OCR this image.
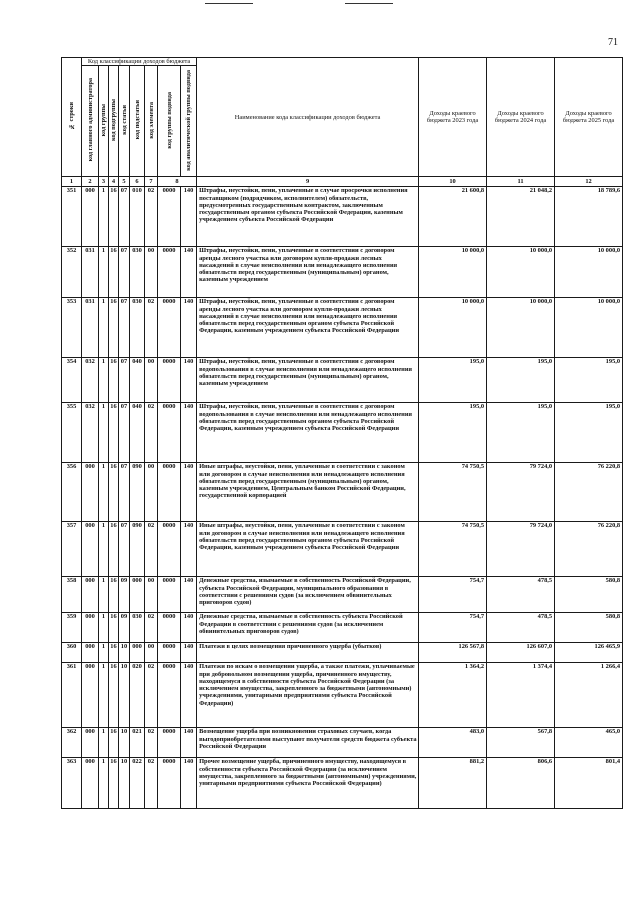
71
№ строки	Код классификации доходов бюджета								Наименование кода классификации доходов бюджета	Доходы краевого бюджета 2023 года	Доходы краевого бюджета 2024 года	Доходы краевого бюджета 2025 года
	код главного администратора	код группы	код подгруппы	код статьи	код подстатьи	код элемента	код группы подвида	код аналитической группы подвида				
1	2	3	4	5	6	7	8		9	10	11	12
351	000	1	16	07	010	02	0000	140	Штрафы, неустойки, пени, уплаченные в случае просрочки исполнения поставщиком (подрядчиком, исполнителем) обязательств, предусмотренных государственным контрактом, заключенным государственным органом субъекта Российской Федерации, казенным учреждением субъекта Российской Федерации	21 600,8	21 048,2	18 789,6
352	031	1	16	07	030	00	0000	140	Штрафы, неустойки, пени, уплаченные в соответствии с договором аренды лесного участка или договором купли-продажи лесных насаждений в случае неисполнения или ненадлежащего исполнения обязательств перед государственным (муниципальным) органом, казенным учреждением	10 000,0	10 000,0	10 000,0
353	031	1	16	07	030	02	0000	140	Штрафы, неустойки, пени, уплаченные в соответствии с договором аренды лесного участка или договором купли-продажи лесных насаждений в случае неисполнения или ненадлежащего исполнения обязательств перед государственным органом субъекта Российской Федерации, казенным учреждением субъекта Российской Федерации	10 000,0	10 000,0	10 000,0
354	032	1	16	07	040	00	0000	140	Штрафы, неустойки, пени, уплаченные в соответствии с договором водопользования в случае неисполнения или ненадлежащего исполнения обязательств перед государственным (муниципальным) органом, казенным учреждением	195,0	195,0	195,0
355	032	1	16	07	040	02	0000	140	Штрафы, неустойки, пени, уплаченные в соответствии с договором водопользования в случае неисполнения или ненадлежащего исполнения обязательств перед государственным органом субъекта Российской Федерации, казенным учреждением субъекта Российской Федерации	195,0	195,0	195,0
356	000	1	16	07	090	00	0000	140	Иные штрафы, неустойки, пени, уплаченные в соответствии с законом или договором в случае неисполнения или ненадлежащего исполнения обязательств перед государственным (муниципальным) органом, казенным учреждением, Центральным банком Российской Федерации, государственной корпорацией	74 750,5	79 724,0	76 220,8
357	000	1	16	07	090	02	0000	140	Иные штрафы, неустойки, пени, уплаченные в соответствии с законом или договором в случае неисполнения или ненадлежащего исполнения обязательств перед государственным органом субъекта Российской Федерации, казенным учреждением субъекта Российской Федерации	74 750,5	79 724,0	76 220,8
358	000	1	16	09	000	00	0000	140	Денежные средства, изымаемые в собственность Российской Федерации, субъекта Российской Федерации, муниципального образования в соответствии с решениями судов (за исключением обвинительных приговоров судов)	754,7	478,5	580,8
359	000	1	16	09	030	02	0000	140	Денежные средства, изымаемые в собственность субъекта Российской Федерации в соответствии с решениями судов (за исключением обвинительных приговоров судов)	754,7	478,5	580,8
360	000	1	16	10	000	00	0000	140	Платежи в целях возмещения причиненного ущерба (убытков)	126 567,8	126 607,0	126 465,9
361	000	1	16	10	020	02	0000	140	Платежи по искам о возмещении ущерба, а также платежи, уплачиваемые при добровольном возмещении ущерба, причиненного имуществу, находящемуся в собственности субъекта Российской Федерации (за исключением имущества, закрепленного за бюджетными (автономными) учреждениями, унитарными предприятиями субъекта Российской Федерации)	1 364,2	1 374,4	1 266,4
362	000	1	16	10	021	02	0000	140	Возмещение ущерба при возникновении страховых случаев, когда выгодоприобретателями выступают получатели средств бюджета субъекта Российской Федерации	483,0	567,8	465,0
363	000	1	16	10	022	02	0000	140	Прочее возмещение ущерба, причиненного имуществу, находящемуся в собственности субъекта Российской Федерации (за исключением имущества, закрепленного за бюджетными (автономными) учреждениями, унитарными предприятиями субъекта Российской Федерации)	881,2	806,6	801,4
